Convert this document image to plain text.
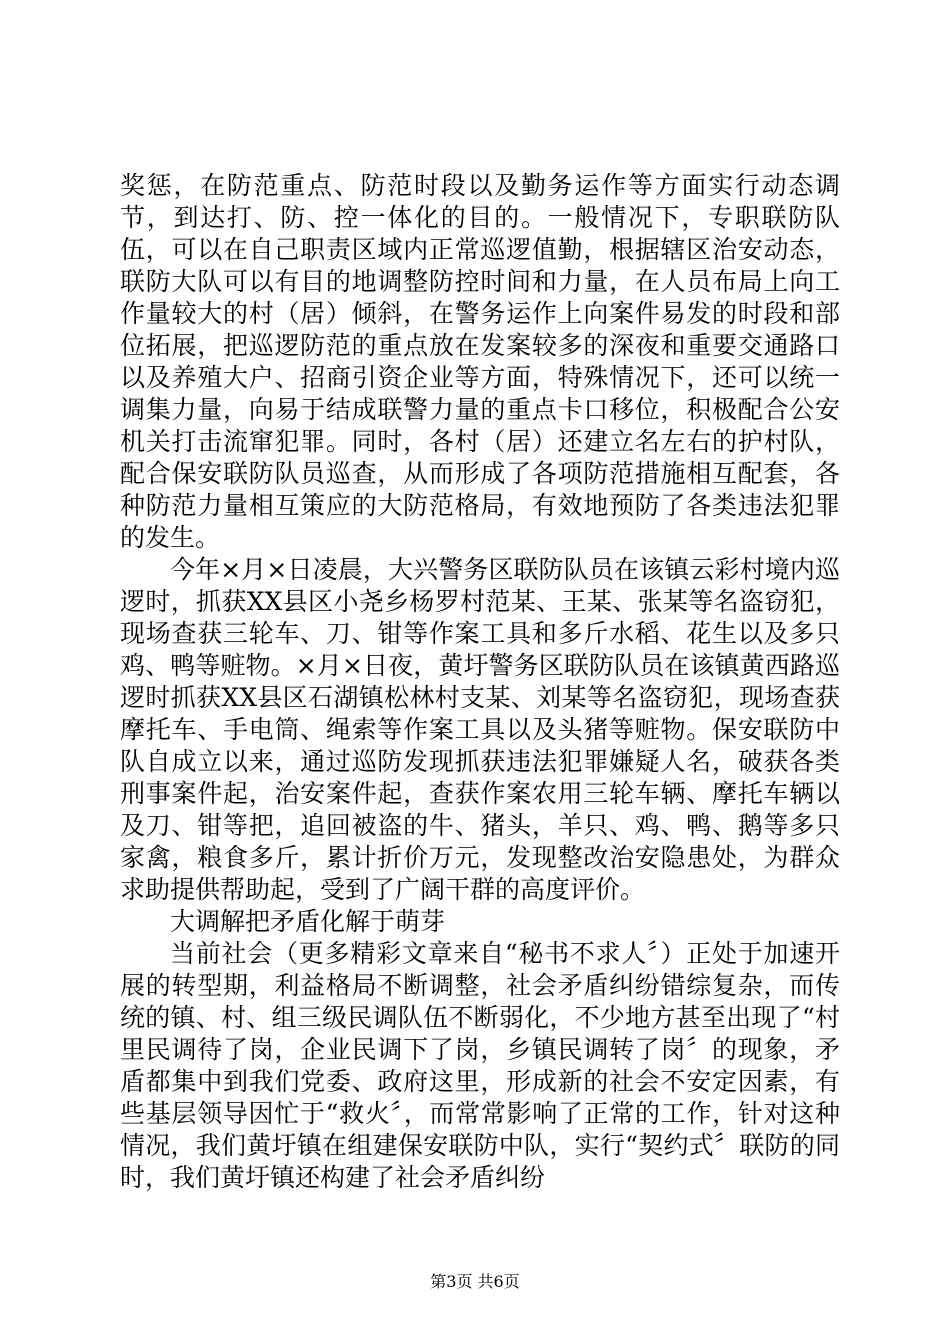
奖惩，在防范重点、防范时段以及勤务运作等方面实行动态调节，到达打、防、控一体化的目的。一般情况下，专职联防队伍，可以在自己职责区域内正常巡逻值勤，根据辖区治安动态，联防大队可以有目的地调整防控时间和力量，在人员布局上向工作量较大的村（居）倾斜，在警务运作上向案件易发的时段和部位拓展，把巡逻防范的重点放在发案较多的深夜和重要交通路口以及养殖大户、招商引资企业等方面，特殊情况下，还可以统一调集力量，向易于结成联警力量的重点卡口移位，积极配合公安机关打击流窜犯罪。同时，各村（居）还建立名左右的护村队，配合保安联防队员巡查，从而形成了各项防范措施相互配套，各种防范力量相互策应的大防范格局，有效地预防了各类违法犯罪的发生。

今年×月×日凌晨，大兴警务区联防队员在该镇云彩村境内巡逻时，抓获XX县区小尧乡杨罗村范某、王某、张某等名盗窃犯，现场查获三轮车、刀、钳等作案工具和多斤水稻、花生以及多只鸡、鸭等赃物。×月×日夜，黄圩警务区联防队员在该镇黄西路巡逻时抓获XX县区石湖镇松林村支某、刘某等名盗窃犯，现场查获摩托车、手电筒、绳索等作案工具以及头猪等赃物。保安联防中队自成立以来，通过巡防发现抓获违法犯罪嫌疑人名，破获各类刑事案件起，治安案件起，查获作案农用三轮车辆、摩托车辆以及刀、钳等把，追回被盗的牛、猪头，羊只、鸡、鸭、鹅等多只家禽，粮食多斤，累计折价万元，发现整改治安隐患处，为群众求助提供帮助起，受到了广阔干群的高度评价。

大调解把矛盾化解于萌芽

当前社会（更多精彩文章来自“秘书不求人〞）正处于加速开展的转型期，利益格局不断调整，社会矛盾纠纷错综复杂，而传统的镇、村、组三级民调队伍不断弱化，不少地方甚至出现了“村里民调待了岗，企业民调下了岗，乡镇民调转了岗〞的现象，矛盾都集中到我们党委、政府这里，形成新的社会不安定因素，有些基层领导因忙于“救火〞，而常常影响了正常的工作，针对这种情况，我们黄圩镇在组建保安联防中队，实行“契约式〞联防的同时，我们黄圩镇还构建了社会矛盾纠纷

第3页 共6页
